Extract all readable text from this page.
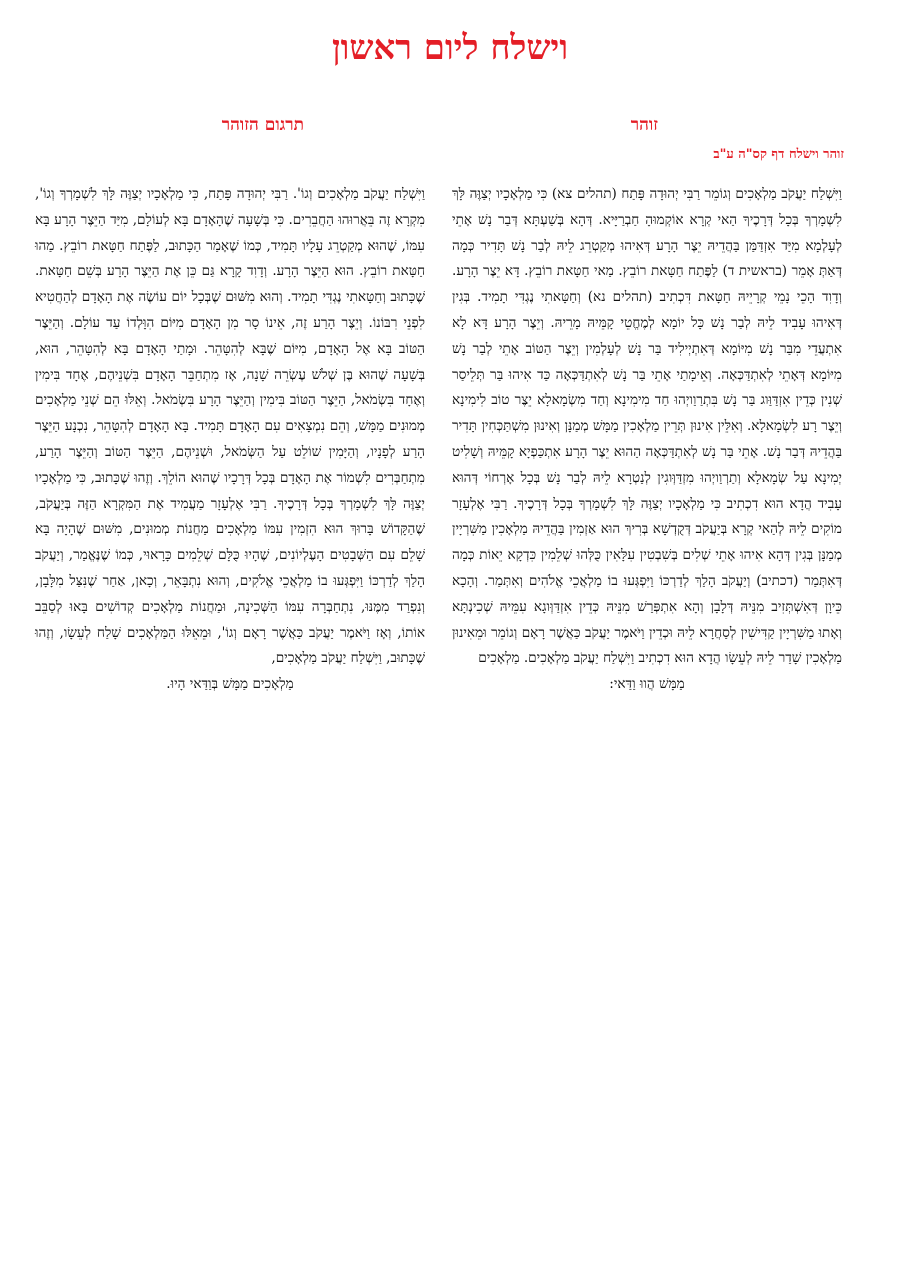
וישלח ליום ראשון
זוהר
תרגום הזוהר
זוהר וישלח דף קס"ה ע"ב

וַיִּשְׁלַח יַעֲקֹב מַלְאָכִים וְגוֹמֵר רַבִּי יְהוּדָה פָּתַח (תהלים צא) כִּי מַלְאָכָיו יְצַוֶּה לָּךְ לִשְׁמָרְךָ בְּכָל דְּרָכֶיךָ הַאי קְרָא אוֹקְמוּהָ חַבְרַיָּיא. דְּהָא בְּשַׁעְתָּא דְּבַר נָשׁ אָתֵי לְעָלְמָא מִיַּד אִזְדַּמַּן בַּהֲדֵיהּ יֵצֶר הָרָע דְּאִיהוּ מְקַטְרֵג לֵיהּ לְבַר נָשׁ תָּדִיר כְּמָה דְּאַתְּ אָמֵר (בראשית ד) לַפֶּתַח חַטָּאת רוֹבֵץ. מַאי חַטָּאת רוֹבֵץ. דָּא יֵצֶר הָרָע. וְדָוִד הָכֵי נָמֵי קְרָיֵיהּ חַטָּאת דִּכְתִיב (תהלים נא) וְחַטָּאתִי נֶגְדִּי תָמִיד. בְּגִין דְּאִיהוּ עָבִיד לֵיהּ לְבַר נָשׁ כָּל יוֹמָא לְמֶחֱטֵי קָמֵּיהּ מָרֵיהּ. וְיֵצֶר הָרָע דָּא לָא אִתְעֲדֵי מִבַּר נָשׁ מִיּוֹמָא דְּאִתְיְילִיד בַּר נָשׁ לְעָלְמִין וְיֵצֶר הַטּוֹב אָתֵי לְבַר נָשׁ מִיּוֹמָא דְּאָתֵי לְאִתְדַּכְּאָה. וְאֵימָתַי אָתֵי בַּר נָשׁ לְאִתְדַּכְּאָה כַּד אִיהוּ בַּר תְּלֵיסַר שְׁנִין כְּדֵין אִזְדַּוַּוג בַּר נָשׁ בִּתְרַוַויְהוּ חַד מִימִינָא וְחַד מִשְׂמָאלָא יֵצֶר טוֹב לִימִינָא וְיֵצֶר רָע לִשְׂמָאלָא. וְאִלֵּין אִינוּן תְּרֵין מַלְאָכִין מַמָּשׁ מְמַנָּן וְאִינוּן מִשְׁתַּכְּחִין תָּדִיר בַּהֲדֵיהּ דְּבַר נָשׁ. אָתֵי בַּר נָשׁ לְאִתְדַּכְּאָה הַהוּא יֵצֶר הָרָע אִתְכַּפְיָא קָמֵּיהּ וְשָׁלִיט יְמִינָא עַל שְׂמָאלָא וְתַרְוַויְהוּ מִזְדַּוְּוגִין לְנַטְרָא לֵיהּ לְבַר נָשׁ בְּכָל אָרְחוֹי דְּהוּא עָבִיד הֲדָא הוּא דִכְתִיב כִּי מַלְאָכָיו יְצַוֶּה לָּךְ לִשְׁמָרְךָ בְּכָל דְּרָכֶיךָ. רַבִּי אֶלְעָזָר מוֹקִים לֵיהּ לְהַאי קְרָא בְּיַעֲקֹב דְּקֻדְשָׁא בְּרִיךְ הוּא אַזְמִין בַּהֲדֵיהּ מַלְאָכִין מַשִּׁרְיָין מְמַנָּן בְּגִין דְּהָא אִיהוּ אָתֵי שְׁלִים בְּשִׁבְטִין עִלָּאִין כֻּלְּהוּ שְׁלֵמִין כִּדְקָא יֵאוֹת כְּמָה דְּאִתְּמַר (דכתיב) וְיַעֲקֹב הָלַךְ לְדַרְכּוֹ וַיִּפְגְּעוּ בוֹ מַלְאֲכֵי אֱלֹהִים וְאִתְּמַר. וְהָכָא כֵּיוָן דְּאִשְׁתְּזִיב מִנֵּיהּ דְּלָבָן וְהָא אִתְפְּרַשׁ מִנֵּיהּ כְּדֵין אִזְדַּוְּוגָא עִמֵּיהּ שְׁכִינְתָּא וְאָתוּ מַשִּׁרְיָין קַדִּישִׁין לְסַחֲרָא לֵיהּ וּכְדֵין וַיֹּאמֶר יַעֲקֹב כַּאֲשֶׁר רָאָם וְגוֹמֵר וּמֵאִינוּן מַלְאָכִין שָׁדַר לֵיהּ לְעֵשָׂו הֲדָא הוּא דִכְתִיב וַיִּשְׁלַח יַעֲקֹב מַלְאָכִים. מַלְאָכִים

מַמָּשׁ הֲווּ וַדַּאי:

וַיִּשְׁלַח יַעֲקֹב מַלְאָכִים וְגוֹ'. רַבִּי יְהוּדָה פָּתַח, כִּי מַלְאָכָיו יְצַוֶּה לָּךְ לִשְׁמָרְךָ וְגוֹ', מִקְרָא זֶה בֵּאֲרוּהוּ הַחֲבֵרִים. כִּי בְּשָׁעָה שֶׁהָאָדָם בָּא לְעוֹלָם, מִיַּד הַיֵּצֶר הָרָע בָּא עִמּוֹ, שֶׁהוּא מְקַטְרֵג עָלָיו תָּמִיד, כְּמוֹ שֶׁאָמַר הַכָּתוּב, לַפֶּתַח חַטָּאת רוֹבֵץ. מַהוּ חַטָּאת רוֹבֵץ. הוּא הַיֵּצֶר הָרָע. וְדָוִד קָרָא גַּם כֵּן אֶת הַיֵּצֶר הָרָע בְּשֵׁם חַטָּאת. שֶׁכָּתוּב וְחַטָּאתִי נֶגְדִּי תָמִיד. וְהוּא מִשּׁוּם שֶׁבְּכָל יוֹם עוֹשֶׂה אֶת הָאָדָם לְהַחֲטִיא לִפְנֵי רִבּוֹנוֹ. וְיֵצֶר הָרַע זֶה, אֵינוֹ סָר מִן הָאָדָם מִיּוֹם הִוָּלְדוֹ עַד עוֹלָם. וְהַיֵּצֶר הַטּוֹב בָּא אֶל הָאָדָם, מִיּוֹם שֶׁבָּא לְהִטָּהֵר. וּמָתַי הָאָדָם בָּא לְהִטָּהֵר, הוּא, בְּשָׁעָה שֶׁהוּא בֶּן שְׁלֹשׁ עֶשְׂרֵה שָׁנָה, אָז מִתְחַבֵּר הָאָדָם בִּשְׁנֵיהֶם, אֶחָד בִּימִין וְאֶחָד בִּשְׂמֹאל, הַיֵּצֶר הַטּוֹב בִּימִין וְהַיֵּצֶר הָרָע בִּשְׂמֹאל. וְאֵלּוּ הֵם שְׁנֵי מַלְאָכִים מְמוּנִים מַמָּשׁ, וְהֵם נִמְצָאִים עִם הָאָדָם תָּמִיד. בָּא הָאָדָם לְהִטָּהֵר, נִכְנָע הַיֵּצֶר הָרַע לְפָנָיו, וְהַיָּמִין שׁוֹלֵט עַל הַשְּׂמֹאל, וּשְׁנֵיהֶם, הַיֵּצֶר הַטּוֹב וְהַיֵּצֶר הָרַע, מִתְחַבְּרִים לִשְׁמוֹר אֶת הָאָדָם בְּכָל דְּרָכָיו שֶׁהוּא הוֹלֵךְ. וְזֶהוּ שֶׁכָּתוּב, כִּי מַלְאָכָיו יְצַוֶּה לָּךְ לִשְׁמָרְךָ בְּכָל דְּרָכֶיךָ. רַבִּי אֶלְעָזָר מַעֲמִיד אֶת הַמִּקְרָא הַזֶּה בְּיַעֲקֹב, שֶׁהַקָּדוֹשׁ בָּרוּךְ הוּא הִזְמִין עִמּוֹ מַלְאָכִים מַחֲנוֹת מְמוּנִים, מִשּׁוּם שֶׁהָיָה בָּא שָׁלֵם עִם הַשְּׁבָטִים הָעֶלְיוֹנִים, שֶׁהָיוּ כֻּלָּם שְׁלֵמִים כָּרָאוּי, כְּמוֹ שֶׁנֶּאֱמַר, וְיַעֲקֹב הָלַךְ לְדַרְכּוֹ וַיִּפְגְּעוּ בוֹ מַלְאֲכֵי אֱלֹקִים, וְהוּא נִתְבָּאֵר, וְכָאן, אַחַר שֶׁנִּצַּל מִלָּבָן, וְנִפְרַד מִמֶּנּוּ, נִתְחַבְּרָה עִמּוֹ הַשְּׁכִינָה, וּמַחֲנוֹת מַלְאָכִים קְדוֹשִׁים בָּאוּ לְסַבֵּב אוֹתוֹ, וְאָז וַיֹּאמֶר יַעֲקֹב כַּאֲשֶׁר רָאָם וְגוֹ', וּמֵאֵלּוּ הַמַּלְאָכִים שָׁלַח לְעֵשָׂו, וְזֶהוּ שֶׁכָּתוּב, וַיִּשְׁלַח יַעֲקֹב מַלְאָכִים,

מַלְאָכִים מַמָּשׁ בְּוַדַּאי הָיוּ.
